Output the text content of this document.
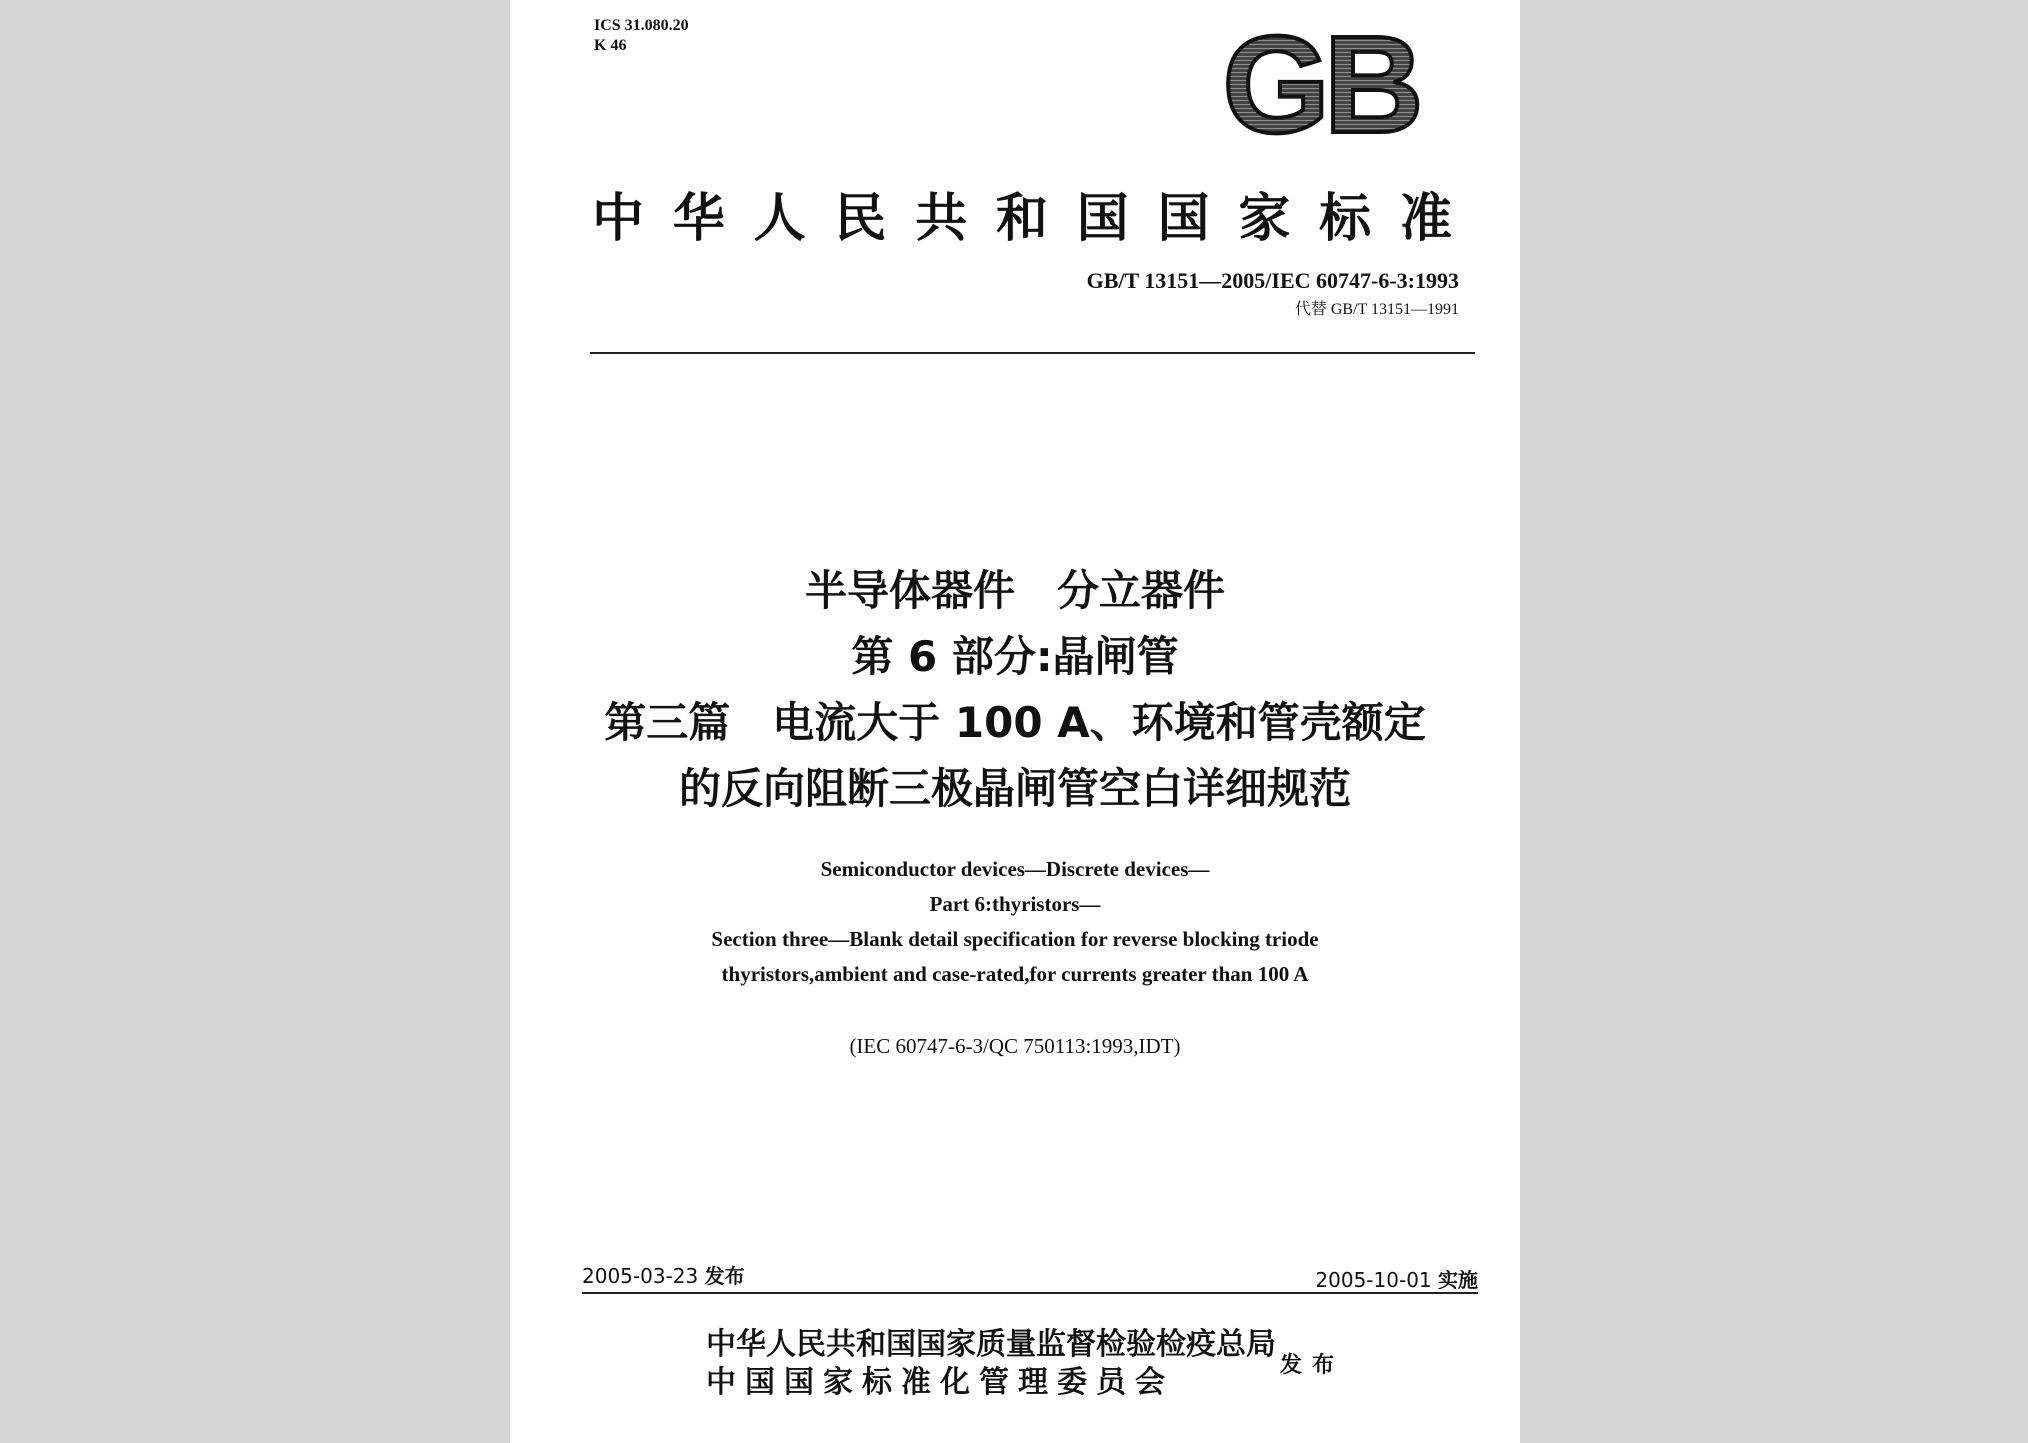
ICS 31.080.20
K 46	GB
中华人民共和国国家标准
GB/T 13151—2005/IEC 60747-6-3:1993
代替 GB/T 13151—1991
半导体器件　分立器件
第 6 部分:晶闸管
第三篇　电流大于 100 A、环境和管壳额定
的反向阻断三极晶闸管空白详细规范
Semiconductor devices—Discrete devices—
Part 6:thyristors—
Section three—Blank detail specification for reverse blocking triode
thyristors,ambient and case-rated,for currents greater than 100 A
(IEC 60747-6-3/QC 750113:1993,IDT)
2005-03-23 发布	2005-10-01 实施
中华人民共和国国家质量监督检验检疫总局
中国国家标准化管理委员会	发布
